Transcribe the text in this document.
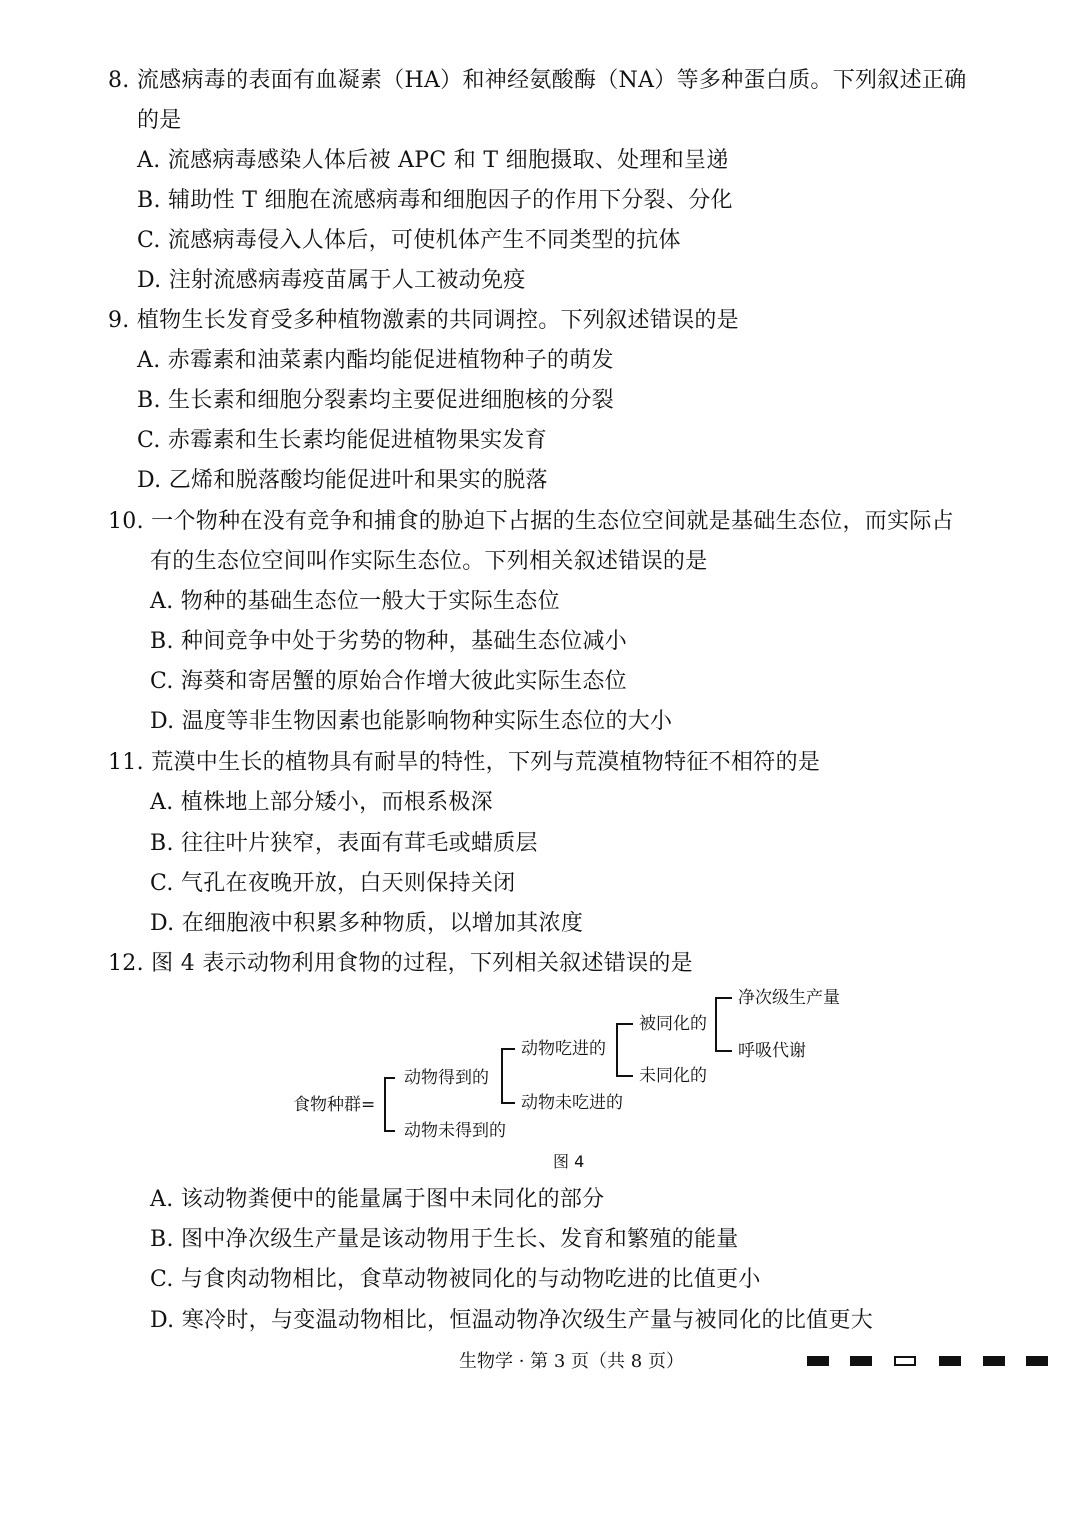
8. 流感病毒的表面有血凝素（HA）和神经氨酸酶（NA）等多种蛋白质。下列叙述正确
的是
A. 流感病毒感染人体后被 APC 和 T 细胞摄取、处理和呈递
B. 辅助性 T 细胞在流感病毒和细胞因子的作用下分裂、分化
C. 流感病毒侵入人体后，可使机体产生不同类型的抗体
D. 注射流感病毒疫苗属于人工被动免疫
9. 植物生长发育受多种植物激素的共同调控。下列叙述错误的是
A. 赤霉素和油菜素内酯均能促进植物种子的萌发
B. 生长素和细胞分裂素均主要促进细胞核的分裂
C. 赤霉素和生长素均能促进植物果实发育
D. 乙烯和脱落酸均能促进叶和果实的脱落
10. 一个物种在没有竞争和捕食的胁迫下占据的生态位空间就是基础生态位，而实际占
有的生态位空间叫作实际生态位。下列相关叙述错误的是
A. 物种的基础生态位一般大于实际生态位
B. 种间竞争中处于劣势的物种，基础生态位减小
C. 海葵和寄居蟹的原始合作增大彼此实际生态位
D. 温度等非生物因素也能影响物种实际生态位的大小
11. 荒漠中生长的植物具有耐旱的特性，下列与荒漠植物特征不相符的是
A. 植株地上部分矮小，而根系极深
B. 往往叶片狭窄，表面有茸毛或蜡质层
C. 气孔在夜晚开放，白天则保持关闭
D. 在细胞液中积累多种物质，以增加其浓度
12. 图 4 表示动物利用食物的过程，下列相关叙述错误的是
食物种群=
动物得到的
动物未得到的
动物吃进的
动物未吃进的
被同化的
未同化的
净次级生产量
呼吸代谢
图 4
A. 该动物粪便中的能量属于图中未同化的部分
B. 图中净次级生产量是该动物用于生长、发育和繁殖的能量
C. 与食肉动物相比，食草动物被同化的与动物吃进的比值更小
D. 寒冷时，与变温动物相比，恒温动物净次级生产量与被同化的比值更大
生物学 · 第 3 页（共 8 页）
